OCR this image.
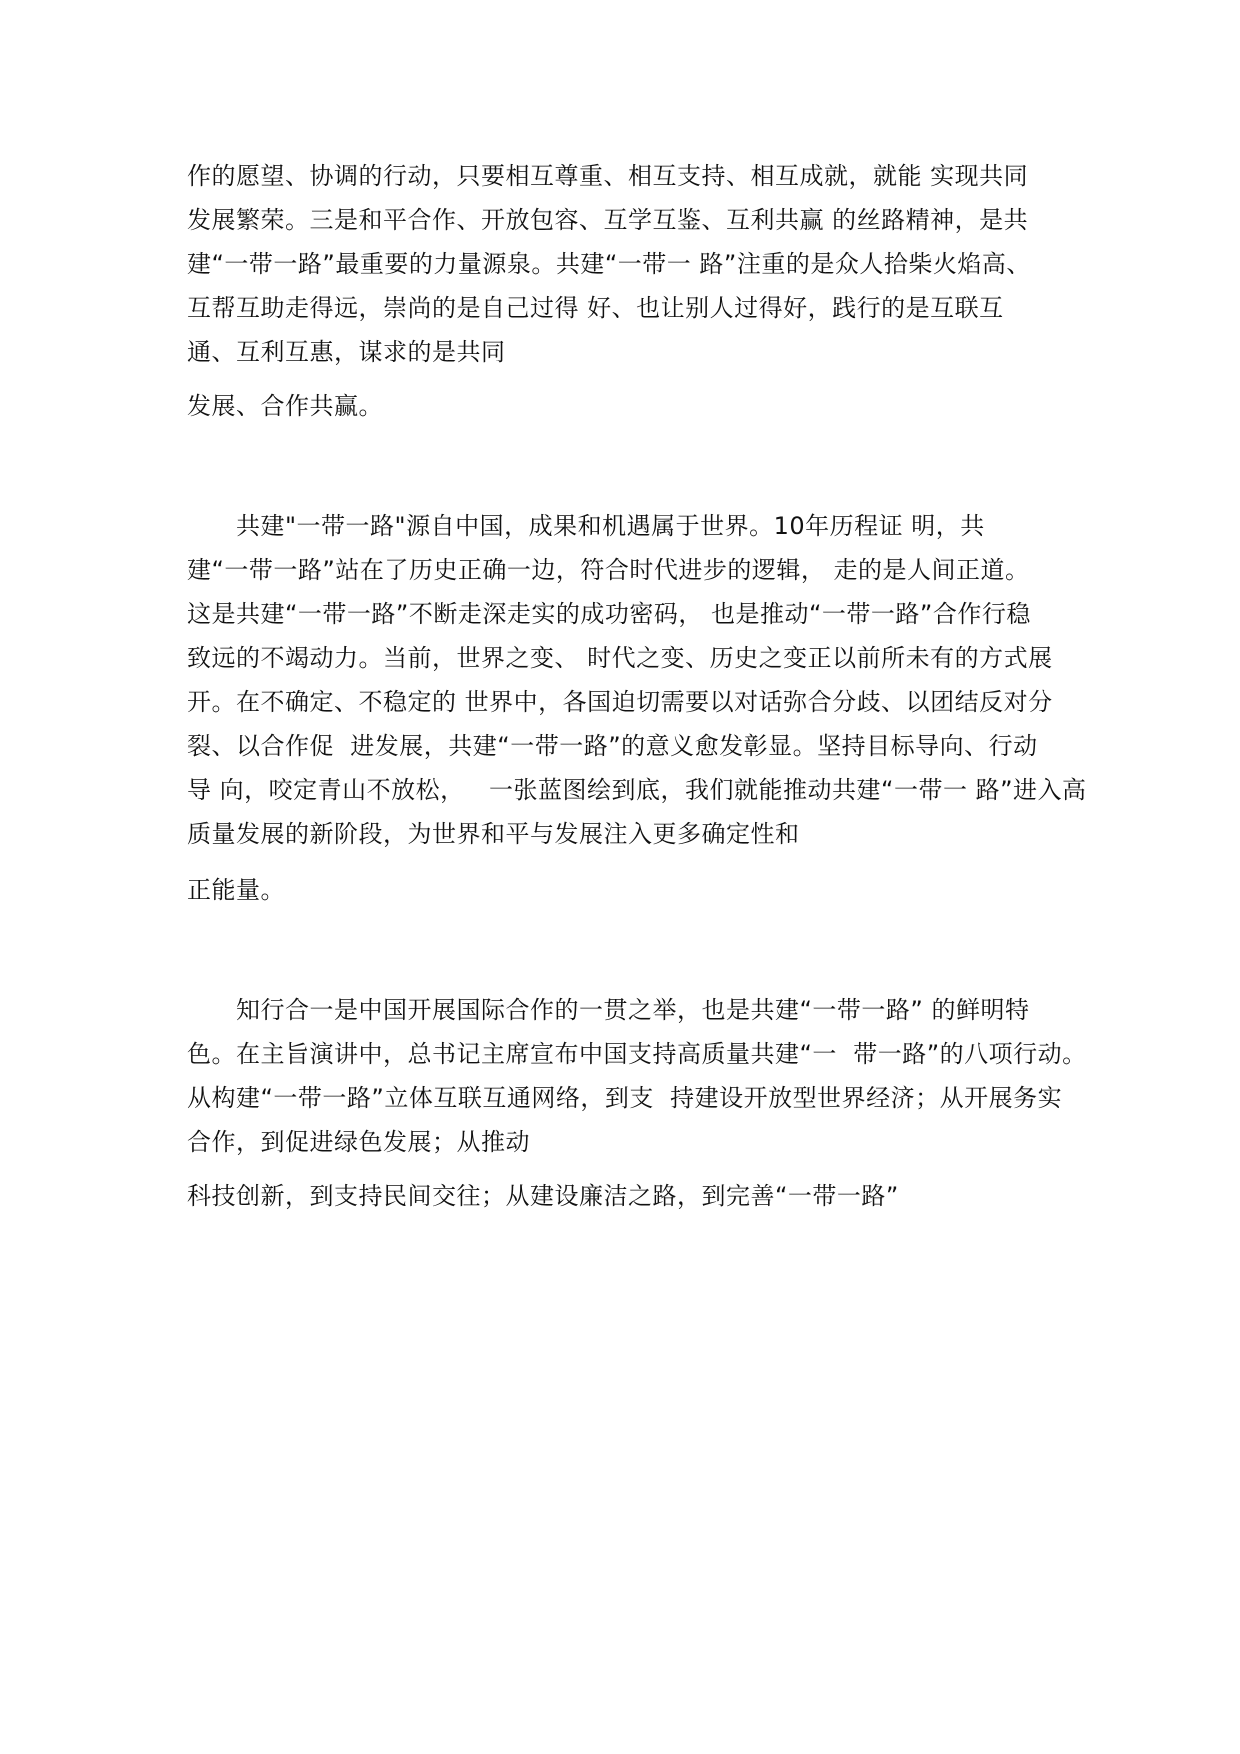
作的愿望、协调的行动，只要相互尊重、相互支持、相互成就，就能 实现共同
发展繁荣。三是和平合作、开放包容、互学互鉴、互利共赢 的丝路精神，是共
建“一带一路”最重要的力量源泉。共建“一带一 路”注重的是众人拾柴火焰高、
互帮互助走得远，崇尚的是自己过得 好、也让别人过得好，践行的是互联互
通、互利互惠，谋求的是共同
发展、合作共赢。
　　共建"一带一路"源自中国，成果和机遇属于世界。10年历程证 明，共
建“一带一路”站在了历史正确一边，符合时代进步的逻辑， 走的是人间正道。
这是共建“一带一路”不断走深走实的成功密码， 也是推动“一带一路”合作行稳
致远的不竭动力。当前，世界之变、 时代之变、历史之变正以前所未有的方式展
开。在不确定、不稳定的 世界中，各国迫切需要以对话弥合分歧、以团结反对分
裂、以合作促  进发展，共建“一带一路”的意义愈发彰显。坚持目标导向、行动
导 向，咬定青山不放松，   一张蓝图绘到底，我们就能推动共建“一带一 路”进入高
质量发展的新阶段，为世界和平与发展注入更多确定性和
正能量。
　　知行合一是中国开展国际合作的一贯之举，也是共建“一带一路” 的鲜明特
色。在主旨演讲中，总书记主席宣布中国支持高质量共建“一  带一路”的八项行动。
从构建“一带一路”立体互联互通网络，到支  持建设开放型世界经济；从开展务实
合作，到促进绿色发展；从推动
科技创新，到支持民间交往；从建设廉洁之路，到完善“一带一路”
